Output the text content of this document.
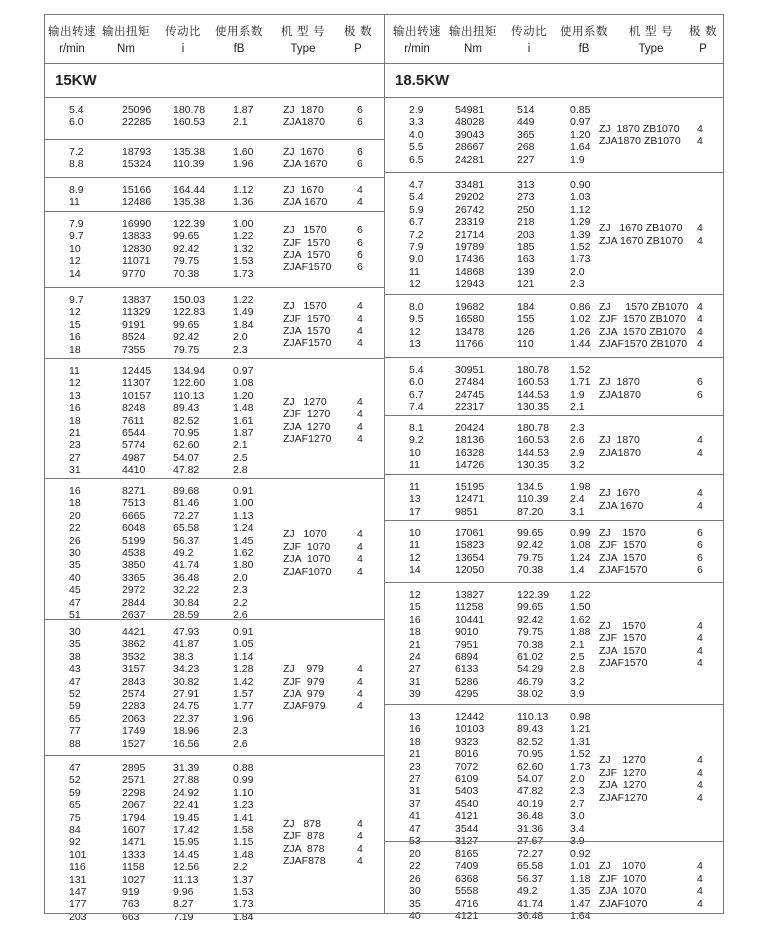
输出转速
r/min
输出扭矩
Nm
传动比
i
使用系数
fB
机 型 号
Type
极 数
P
15KW
5.4	25096 180.78	1.87
6.0	22285 160.53	2.1
ZJ  1870	6
ZJA1870	6
7.2	18793 135.38	1.60
8.8	15324 110.39	1.96
ZJ  1670	6
ZJA 1670	6
8.9	15166 164.44	1.12
11	12486 135.38	1.36
ZJ  1670	4
ZJA 1670	4
7.9	16990 122.39	1.00
9.7	13833 99.65	1.22
10	12830 92.42	1.32
12	11071 79.75	1.53
14	9770	70.38	1.73
ZJ   1570	6
ZJF  1570	6
ZJA  1570	6
ZJAF1570 6
9.7	13837 150.03	1.22
12	11329 122.83	1.49
15	9191	99.65	1.84
16	8524	92.42	2.0
18	7355	79.75	2.3
ZJ   1570	4
ZJF  1570	4
ZJA  1570	4
ZJAF1570 4
11	12445 134.94	0.97
12	11307 122.60	1.08
13	10157 110.13	1.20
16	8248	89.43	1.48
18	7611	82.52	1.61
21	6544	70.95	1.87
23	5774	62.60	2.1
27	4987	54.07	2.5
31	4410	47.82	2.8
ZJ   1270	4
ZJF  1270	4
ZJA  1270	4
ZJAF1270 4
16	8271	89.68	0.91
18	7513	81.46	1.00
20	6665	72.27	1.13
22	6048	65.58	1.24
26	5199	56.37	1.45
30	4538	49.2	1.62
35	3850	41.74	1.80
40	3365	36.48	2.0
45	2972	32.22	2.3
47	2844	30.84	2.2
51	2637	28.59	2.6
ZJ   1070	4
ZJF  1070	4
ZJA  1070	4
ZJAF1070 4
30	4421	47.93	0.91
35	3862	41.87	1.05
38	3532	38.3	1.14
43	3157	34.23	1.28
47	2843	30.82	1.42
52	2574	27.91	1.57
59	2283	24.75	1.77
65	2063	22.37	1.96
77	1749	18.96	2.3
88	1527	16.56	2.6
ZJ    979	4
ZJF  979	4
ZJA  979	4
ZJAF979	4
47	2895	31.39	0.88
52	2571	27.88	0.99
59	2298	24.92	1.10
65	2067	22.41	1.23
75	1794	19.45	1.41
84	1607	17.42	1.58
92	1471	15.95	1.15
101	1333	14.45	1.48
116	1158	12.56	2.2
131	1027	11.13	1.37
147	919	9.96	1.53
177	763	8.27	1.73
203	663	7.19	1.84
ZJ   878	4
ZJF  878	4
ZJA  878	4
ZJAF878	4
输出转速
r/min
输出扭矩
Nm
传动比
i
使用系数
fB
机 型 号
Type
极 数
P
18.5KW
2.9	54981	514	0.85
3.3	48028	449	0.97
4.0	39043	365	1.20
5.5	28667	268	1.64
6.5	24281	227	1.9
ZJ  1870 ZB1070 4
ZJA1870 ZB1070 4
4.7	33481	313	0.90
5.4	29202	273	1.03
5.9	26742	250	1.12
6.7	23319	218	1.29
7.2	21714	203	1.39
7.9	19789	185	1.52
9.0	17436	163	1.73
11	14868	139	2.0
12	12943	121	2.3
ZJ   1670 ZB1070 4
ZJA 1670 ZB1070 4
8.0	19682	184	0.86
9.5	16580	155	1.02
12	13478	126	1.26
13	11766	110	1.44
ZJ     1570 ZB1070 4
ZJF  1570 ZB1070 4
ZJA  1570 ZB1070 4
ZJAF1570 ZB1070 4
5.4	30951	180.78 1.52
6.0	27484	160.53 1.71
6.7	24745	144.53 1.9
7.4	22317	130.35 2.1
ZJ  1870	6
ZJA1870	6
8.1	20424	180.78 2.3
9.2	18136	160.53 2.6
10	16328	144.53 2.9
11	14726	130.35 3.2
ZJ  1870	4
ZJA1870	4
11	15195	134.5	1.98
13	12471	110.39 2.4
17	9851	87.20	3.1
ZJ  1670	4
ZJA 1670	4
10	17061	99.65	0.99
11	15823	92.42	1.08
12	13654	79.75	1.24
14	12050	70.38	1.4
ZJ    1570	6
ZJF  1570	6
ZJA  1570	6
ZJAF1570	6
12	13827	122.39 1.22
15	11258	99.65	1.50
16	10441	92.42	1.62
18	9010	79.75	1.88
21	7951	70.38	2.1
24	6894	61.02	2.5
27	6133	54.29	2.8
31	5286	46.79	3.2
39	4295	38.02	3.9
ZJ    1570	4
ZJF  1570	4
ZJA  1570	4
ZJAF1570	4
13	12442	110.13 0.98
16	10103	89.43	1.21
18	9323	82.52	1.31
21	8016	70.95	1.52
23	7072	62.60	1.73
27	6109	54.07	2.0
31	5403	47.82	2.3
37	4540	40.19	2.7
41	4121	36.48	3.0
47	3544	31.36	3.4
53	3127	27.67	3.9
ZJ    1270	4
ZJF  1270	4
ZJA  1270	4
ZJAF1270	4
20	8165	72.27	0.92
22	7409	65.58	1.01
26	6368	56.37	1.18
30	5558	49.2	1.35
35	4716	41.74	1.47
40	4121	36.48	1.64
ZJ    1070	4
ZJF  1070	4
ZJA  1070	4
ZJAF1070	4
